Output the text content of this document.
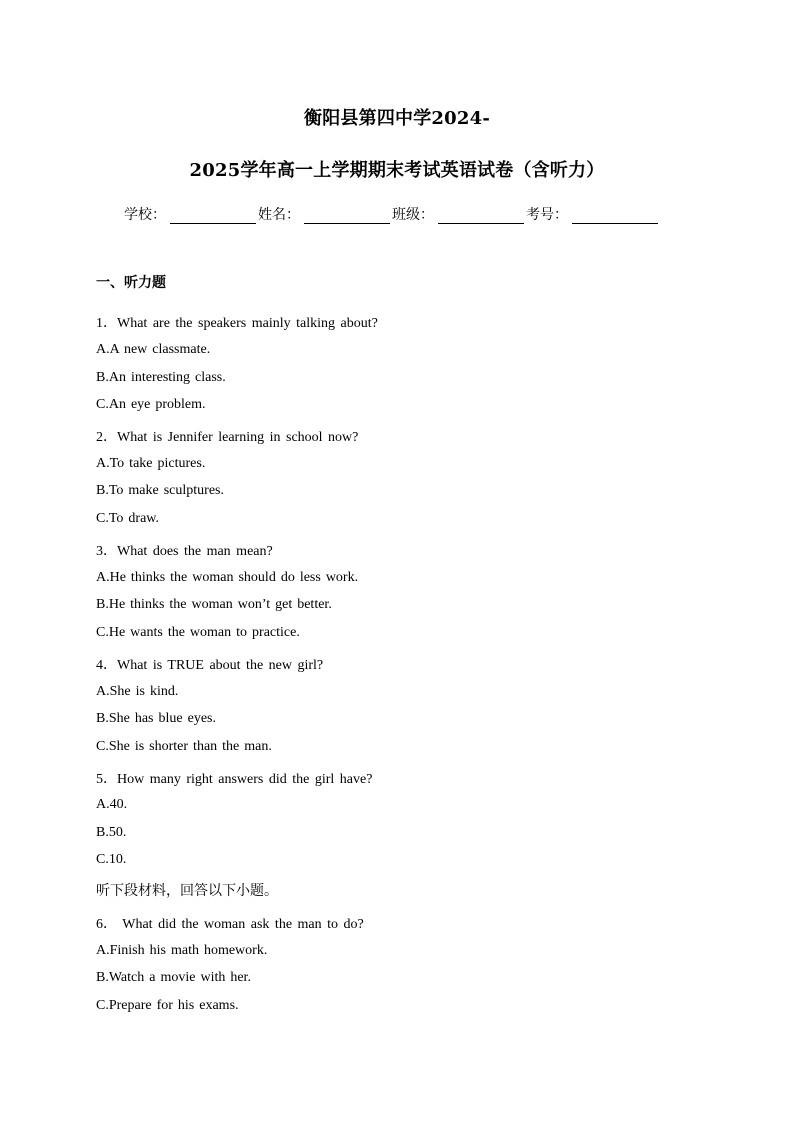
衡阳县第四中学2024-
2025学年高一上学期期末考试英语试卷（含听力）
学校：	姓名：	班级：	考号：
一、听力题
1．What are the speakers mainly talking about?
A.A new classmate.
B.An interesting class.
C.An eye problem.
2．What is Jennifer learning in school now?
A.To take pictures.
B.To make sculptures.
C.To draw.
3．What does the man mean?
A.He thinks the woman should do less work.
B.He thinks the woman won’t get better.
C.He wants the woman to practice.
4．What is TRUE about the new girl?
A.She is kind.
B.She has blue eyes.
C.She is shorter than the man.
5．How many right answers did the girl have?
A.40.
B.50.
C.10.
听下段材料，回答以下小题。
6． What did the woman ask the man to do?
A.Finish his math homework.
B.Watch a movie with her.
C.Prepare for his exams.
